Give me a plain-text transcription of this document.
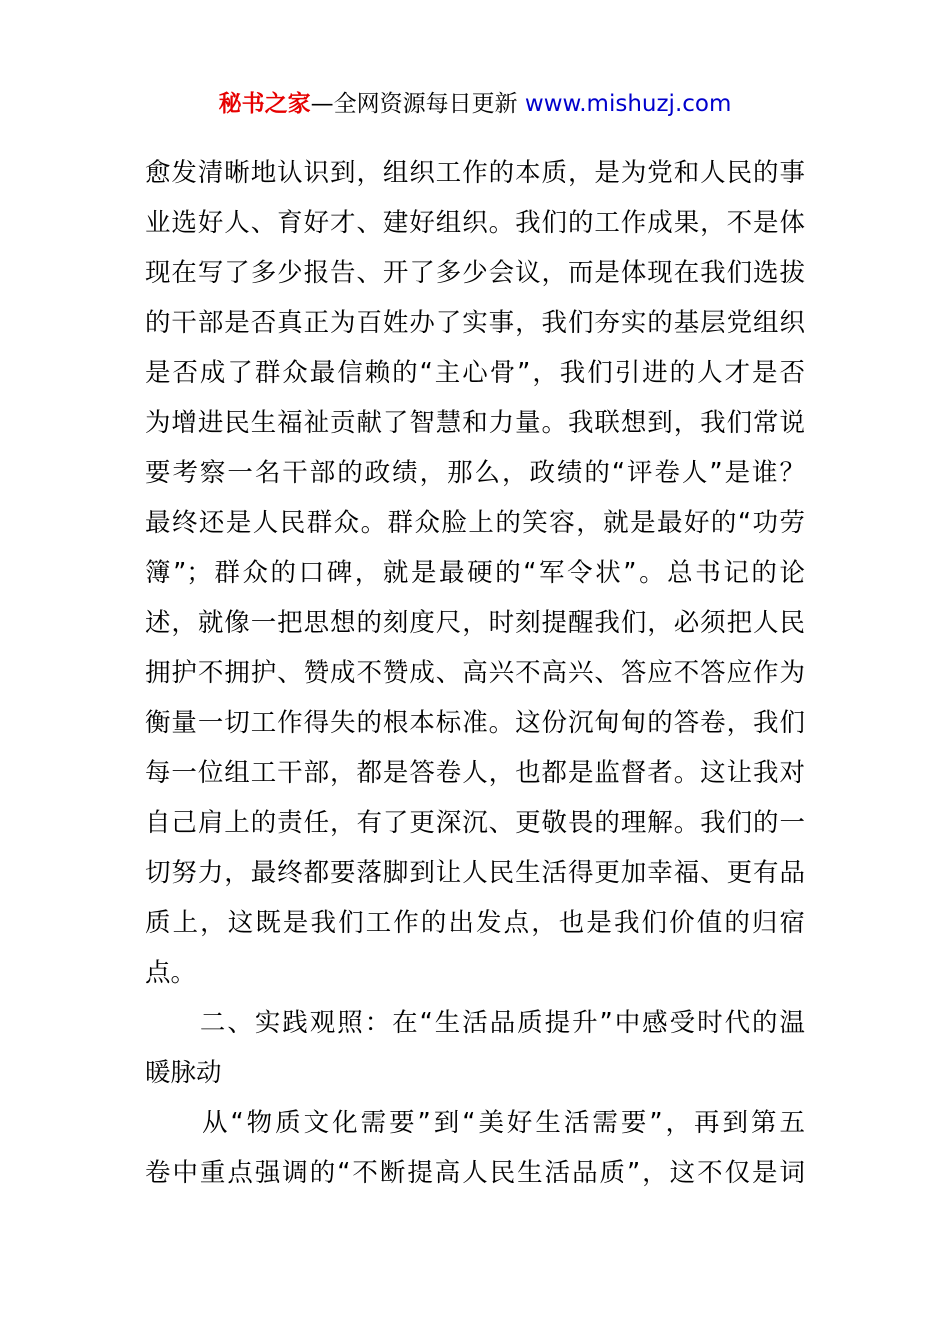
秘书之家—全网资源每日更新 www.mishuzj.com
愈发清晰地认识到，组织工作的本质，是为党和人民的事
业选好人、育好才、建好组织。我们的工作成果，不是体
现在写了多少报告、开了多少会议，而是体现在我们选拔
的干部是否真正为百姓办了实事，我们夯实的基层党组织
是否成了群众最信赖的“主心骨”，我们引进的人才是否
为增进民生福祉贡献了智慧和力量。我联想到，我们常说
要考察一名干部的政绩，那么，政绩的“评卷人”是谁？
最终还是人民群众。群众脸上的笑容，就是最好的“功劳
簿”；群众的口碑，就是最硬的“军令状”。总书记的论
述，就像一把思想的刻度尺，时刻提醒我们，必须把人民
拥护不拥护、赞成不赞成、高兴不高兴、答应不答应作为
衡量一切工作得失的根本标准。这份沉甸甸的答卷，我们
每一位组工干部，都是答卷人，也都是监督者。这让我对
自己肩上的责任，有了更深沉、更敬畏的理解。我们的一
切努力，最终都要落脚到让人民生活得更加幸福、更有品
质上，这既是我们工作的出发点，也是我们价值的归宿
点。
　　二、实践观照：在“生活品质提升”中感受时代的温
暖脉动
　　从“物质文化需要”到“美好生活需要”，再到第五
卷中重点强调的“不断提高人民生活品质”，这不仅是词
